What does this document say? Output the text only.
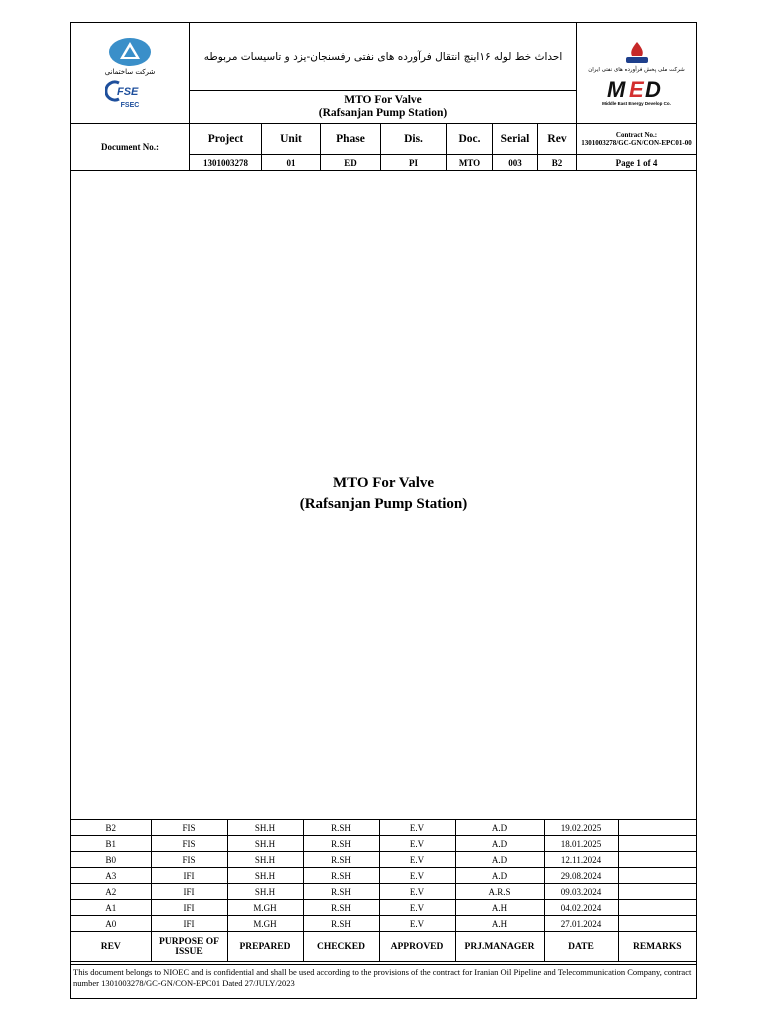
شرکت ساختمانی
FSE
FSEC
احداث خط لوله ۱۶اینچ انتقال فرآورده های نفتی رفسنجان-یزد و تاسیسات مربوطه
MTO For Valve
(Rafsanjan Pump Station)
شرکت ملی پخش فرآورده های نفتی ایران
M E D
Middle East Energy Develop Co.
Document No.:
Project	Unit	Phase	Dis.	Doc.	Serial	Rev
1301003278	01	ED	PI	MTO	003	B2
Contract No.:
1301003278/GC-GN/CON-EPC01-00
Page 1 of 4
MTO For Valve
(Rafsanjan Pump Station)
B2	FIS	SH.H	R.SH	E.V	A.D	19.02.2025	
B1	FIS	SH.H	R.SH	E.V	A.D	18.01.2025	
B0	FIS	SH.H	R.SH	E.V	A.D	12.11.2024	
A3	IFI	SH.H	R.SH	E.V	A.D	29.08.2024	
A2	IFI	SH.H	R.SH	E.V	A.R.S	09.03.2024	
A1	IFI	M.GH	R.SH	E.V	A.H	04.02.2024	
A0	IFI	M.GH	R.SH	E.V	A.H	27.01.2024	
REV	PURPOSE OF ISSUE	PREPARED	CHECKED	APPROVED	PRJ.MANAGER	DATE	REMARKS
This document belongs to NIOEC and is confidential and shall be used according to the provisions of the contract for Iranian Oil Pipeline and Telecommunication Company, contract number 1301003278/GC-GN/CON-EPC01 Dated 27/JULY/2023
